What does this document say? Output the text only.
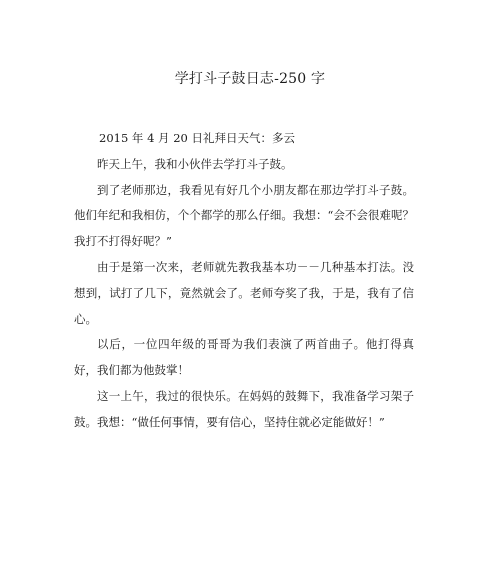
学打斗子鼓日志-250 字

2015 年 4 月 20 日礼拜日天气：多云

昨天上午，我和小伙伴去学打斗子鼓。

到了老师那边，我看见有好几个小朋友都在那边学打斗子鼓。他们年纪和我相仿，个个都学的那么仔细。我想：“会不会很难呢？我打不打得好呢？”

由于是第一次来，老师就先教我基本功－－几种基本打法。没想到，试打了几下，竟然就会了。老师夸奖了我，于是，我有了信心。

以后，一位四年级的哥哥为我们表演了两首曲子。他打得真好，我们都为他鼓掌！

这一上午，我过的很快乐。在妈妈的鼓舞下，我准备学习架子鼓。我想：“做任何事情，要有信心，坚持住就必定能做好！”
